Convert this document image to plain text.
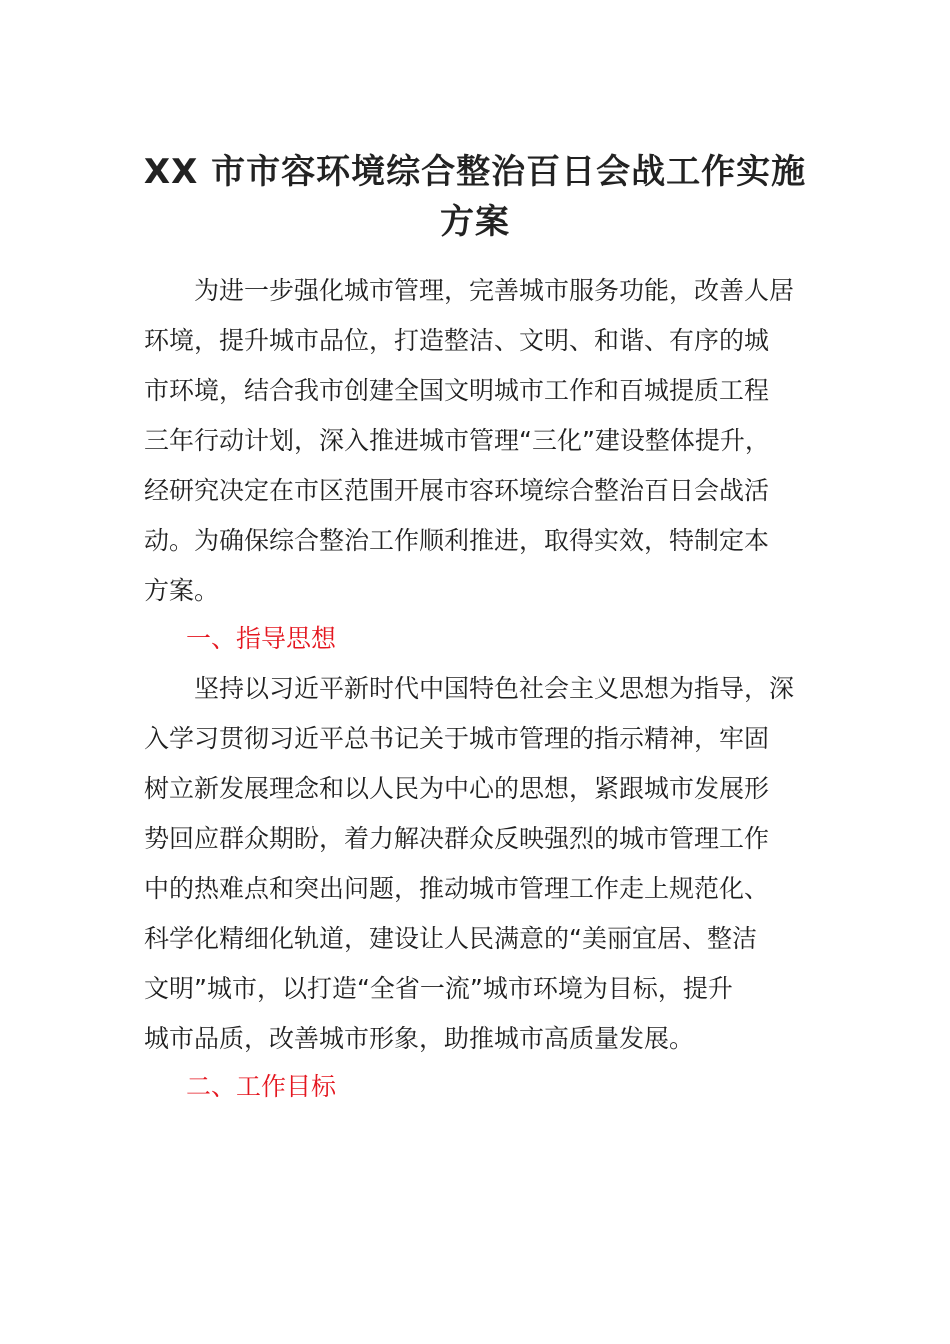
XX 市市容环境综合整治百日会战工作实施
方案

　　为进一步强化城市管理，完善城市服务功能，改善人居
环境，提升城市品位，打造整洁、文明、和谐、有序的城
市环境，结合我市创建全国文明城市工作和百城提质工程
三年行动计划，深入推进城市管理“三化”建设整体提升，
经研究决定在市区范围开展市容环境综合整治百日会战活
动。为确保综合整治工作顺利推进，取得实效，特制定本
方案。

一、指导思想

　　坚持以习近平新时代中国特色社会主义思想为指导，深
入学习贯彻习近平总书记关于城市管理的指示精神，牢固
树立新发展理念和以人民为中心的思想，紧跟城市发展形
势回应群众期盼，着力解决群众反映强烈的城市管理工作
中的热难点和突出问题，推动城市管理工作走上规范化、
科学化精细化轨道，建设让人民满意的“美丽宜居、整洁
文明”城市，以打造“全省一流”城市环境为目标，提升
城市品质，改善城市形象，助推城市高质量发展。

二、工作目标
